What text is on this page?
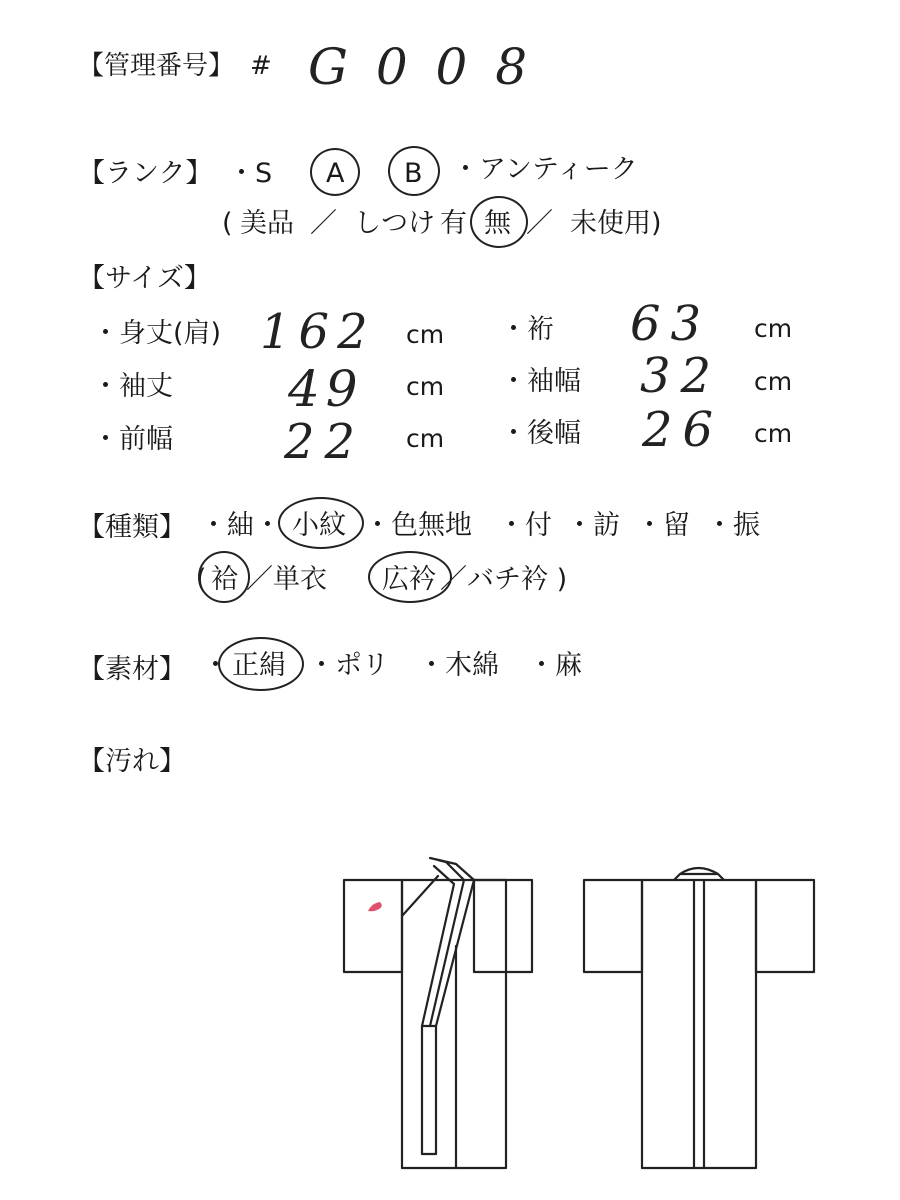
【管理番号】 # G 0 0 8
【ランク】 ・S A B ・アンティーク
( 美品 ／ しつけ 有 無 ／ 未使用)
【サイズ】
・身丈(肩) 162 cm ・裄 63 cm
・袖丈 49 cm ・袖幅 32 cm
・前幅 22 cm ・後幅 26 cm
【種類】 ・紬 ・ 小紋 ・色無地 ・付 ・訪 ・留 ・振
( 袷 ／単衣 広衿 ／バチ衿 )
【素材】 ・ 正絹 ・ポリ ・木綿 ・麻
【汚れ】
